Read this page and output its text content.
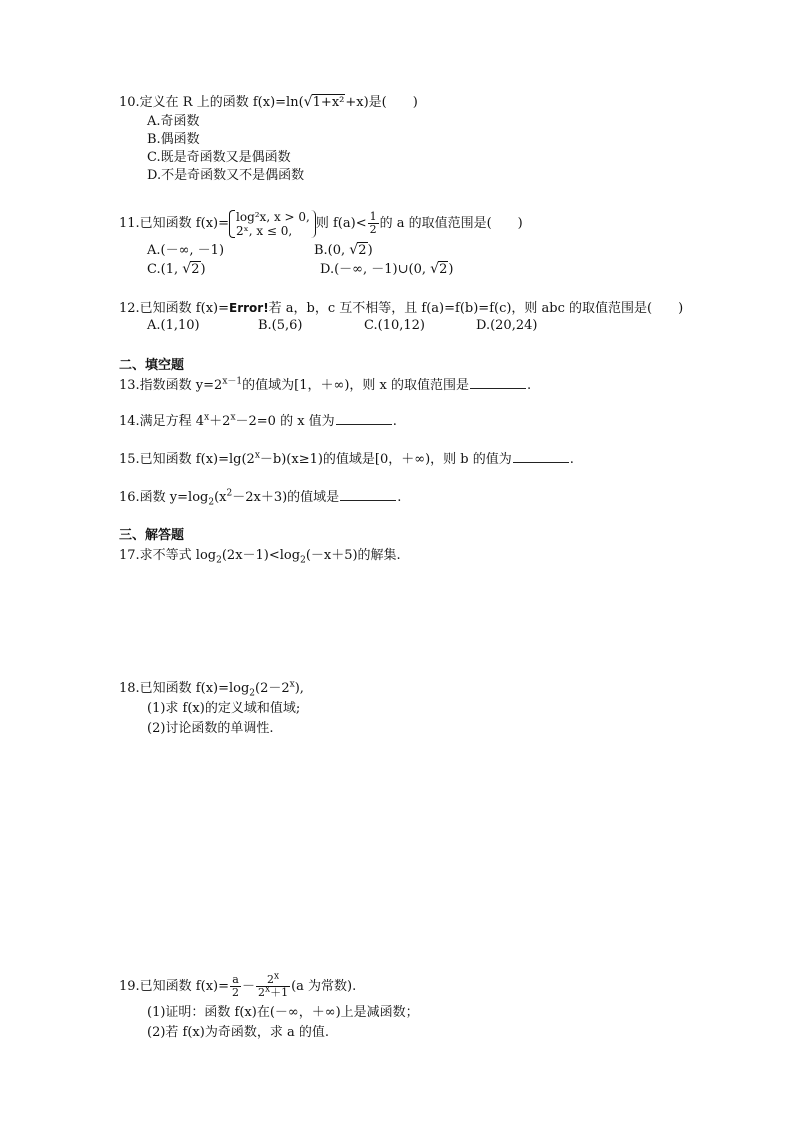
10.定义在 R 上的函数 f(x)=ln( √ 1+x²+x)是(　　)
A.奇函数
B.偶函数
C.既是奇函数又是偶函数
D.不是奇函数又不是偶函数
11.已知函数 f(x)= log²x, x > 0,
2ˣ, x ≤ 0,	则 $f(a)< \frac{1}{2}$ 的 a 的取值范围是(　　)
A.(－∞, －1)	B.(0, √ 2)
C.(1, √ 2)	D.(－∞, －1)∪(0, √ 2)
12.已知函数 f(x)=Error!若 a，b，c 互不相等，且 f(a)=f(b)=f(c)，则 abc 的取值范围是(　　)
A.(1,10)	B.(5,6)	C.(10,12)	D.(20,24)
二、填空题
13.指数函数 $y=2^{x-1}$的值域为[1，＋∞)，则 x 的取值范围是	.
14.满足方程 $4^x+2^x-2=0$ 的 x 值为	.
15.已知函数 $f(x)=\lg(2^x-b)(x\ge 1)$的值域是[0，＋∞)，则 b 的值为	.
16.函数 $y=\log_2(x^2-2x+3)$的值域是	.
三、解答题
17.求不等式 $\log_2(2x-1)<\log_2(-x+5)$的解集.
18.已知函数 $f(x)=\log_2(2-2^x)$,
(1)求 f(x)的定义域和值域;
(2)讨论函数的单调性.
19.已知函数 $f(x)= \frac{a}{2} - \frac{2^x}{2^x+1} (a$ 为常数).
(1)证明：函数 f(x)在(－∞，＋∞)上是减函数；
(2)若 f(x)为奇函数，求 a 的值.
